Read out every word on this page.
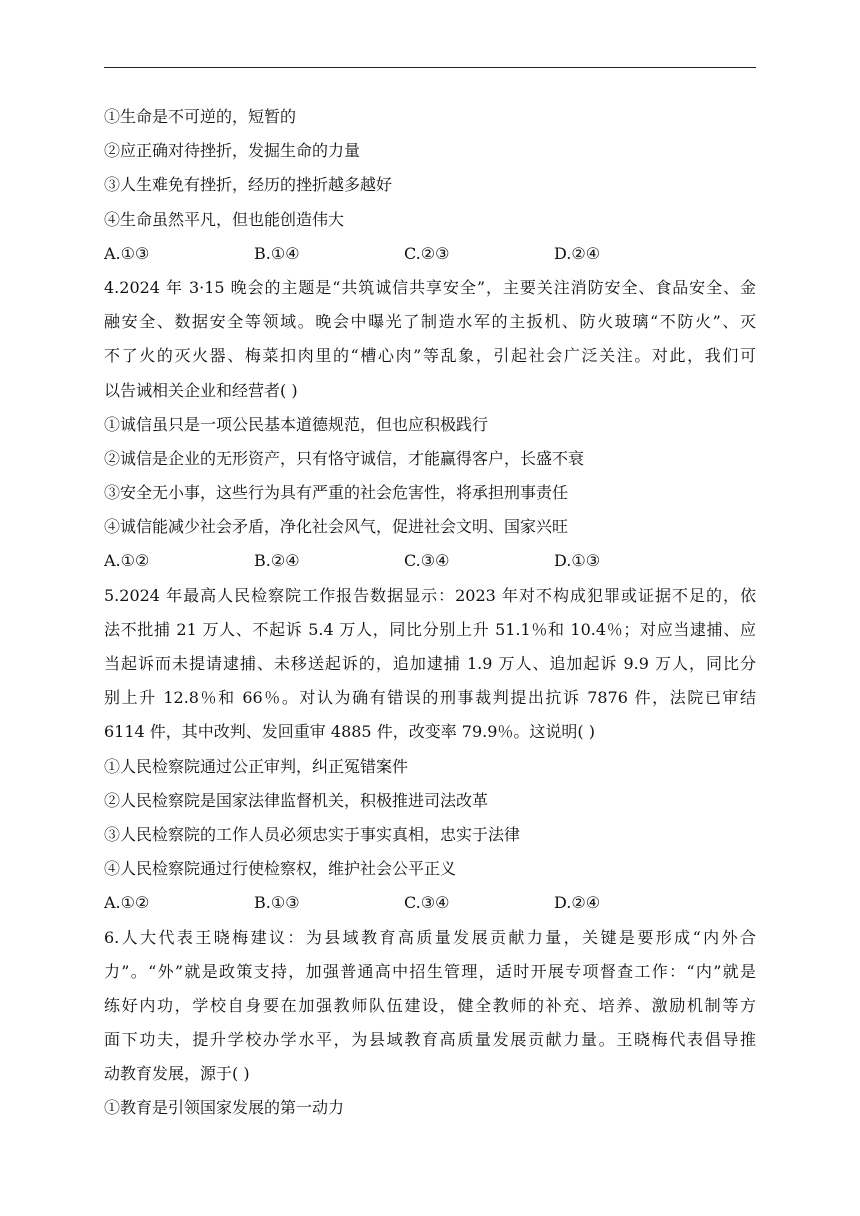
①生命是不可逆的，短暂的
②应正确对待挫折，发掘生命的力量
③人生难免有挫折，经历的挫折越多越好
④生命虽然平凡，但也能创造伟大
A.①③	B.①④	C.②③	D.②④
4.2024 年 3·15 晚会的主题是“共筑诚信共享安全”，主要关注消防安全、食品安全、金
融安全、数据安全等领域。晚会中曝光了制造水军的主扳机、防火玻璃“不防火”、灭
不了火的灭火器、梅菜扣肉里的“槽心肉”等乱象，引起社会广泛关注。对此，我们可
以告诫相关企业和经营者( )
①诚信虽只是一项公民基本道德规范，但也应积极践行
②诚信是企业的无形资产，只有恪守诚信，才能赢得客户，长盛不衰
③安全无小事，这些行为具有严重的社会危害性，将承担刑事责任
④诚信能减少社会矛盾，净化社会风气，促进社会文明、国家兴旺
A.①②	B.②④	C.③④	D.①③
5.2024 年最高人民检察院工作报告数据显示：2023 年对不构成犯罪或证据不足的，依
法不批捕 21 万人、不起诉 5.4 万人，同比分别上升 51.1％和 10.4％；对应当逮捕、应
当起诉而未提请逮捕、未移送起诉的，追加逮捕 1.9 万人、追加起诉 9.9 万人，同比分
别上升 12.8％和 66％。对认为确有错误的刑事裁判提出抗诉 7876 件，法院已审结
6114 件，其中改判、发回重审 4885 件，改变率 79.9％。这说明( )
①人民检察院通过公正审判，纠正冤错案件
②人民检察院是国家法律监督机关，积极推进司法改革
③人民检察院的工作人员必须忠实于事实真相，忠实于法律
④人民检察院通过行使检察权，维护社会公平正义
A.①②	B.①③	C.③④	D.②④
6.人大代表王晓梅建议：为县域教育高质量发展贡献力量，关键是要形成“内外合
力”。“外”就是政策支持，加强普通高中招生管理，适时开展专项督查工作：“内”就是
练好内功，学校自身要在加强教师队伍建设，健全教师的补充、培养、激励机制等方
面下功夫，提升学校办学水平，为县域教育高质量发展贡献力量。王晓梅代表倡导推
动教育发展，源于( )
①教育是引领国家发展的第一动力
